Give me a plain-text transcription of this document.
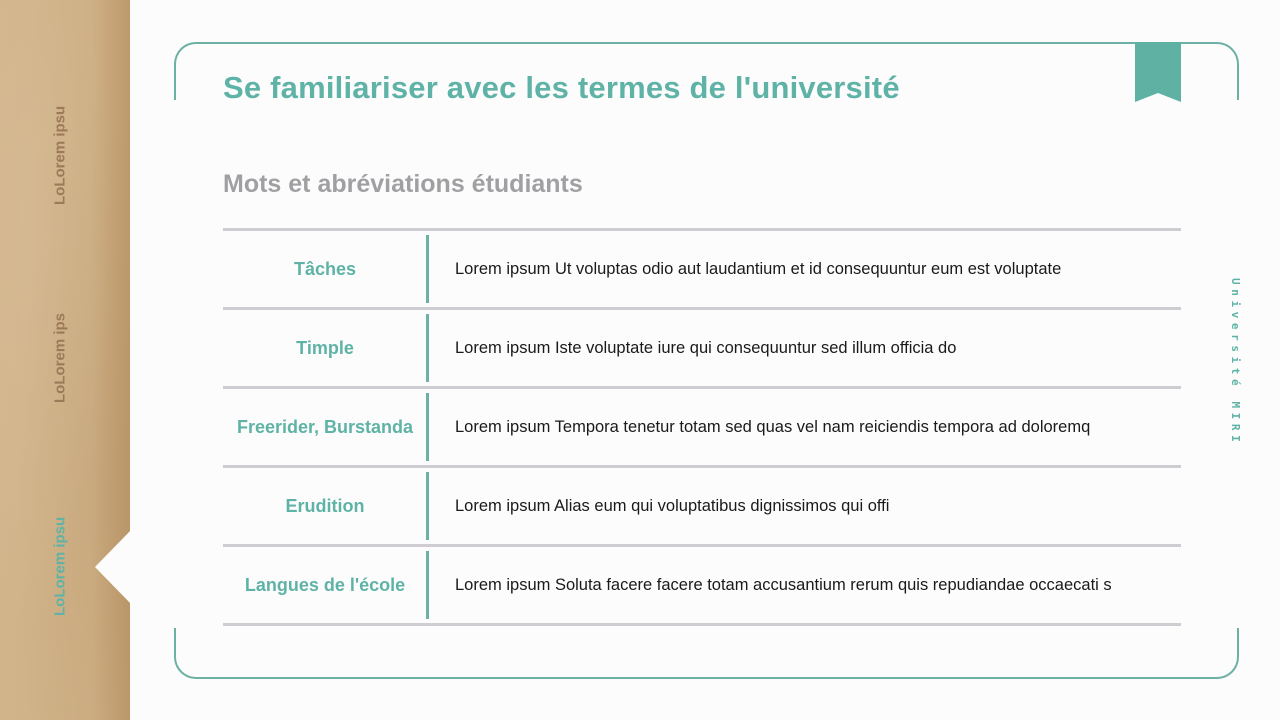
LoLorem ipsu
LoLorem ips
LoLorem ipsu
Se familiariser avec les termes de l'université
Mots et abréviations étudiants
Tâches	Lorem ipsum Ut voluptas odio aut laudantium et id consequuntur eum est voluptate
Timple	Lorem ipsum Iste voluptate iure qui consequuntur sed illum officia do
Freerider, Burstanda	Lorem ipsum Tempora tenetur totam sed quas vel nam reiciendis tempora ad doloremq
Erudition	Lorem ipsum Alias eum qui voluptatibus dignissimos qui offi
Langues de l'école	Lorem ipsum Soluta facere facere totam accusantium rerum quis repudiandae occaecati s
Université MIRI
